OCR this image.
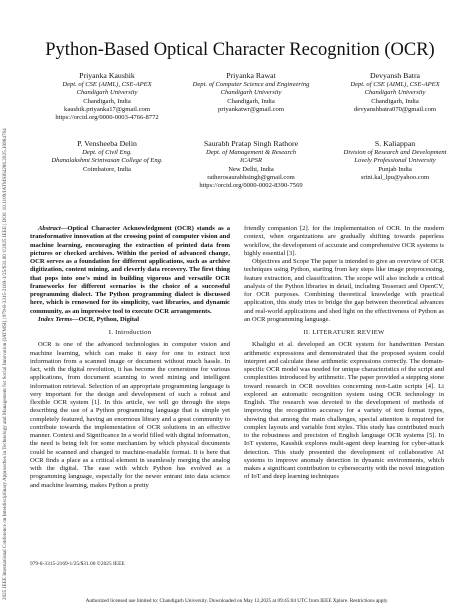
2025 IEEE International Conference on Interdisciplinary Approaches in Technology and Management for Social Innovation (IATMSI) | 979-8-3315-2169-1/25/$31.00 ©2025 IEEE | DOI: 10.1109/IATMSI64286.2025.10984764
Python-Based Optical Character Recognition (OCR)
Priyanka Kaushik
Dept. of CSE (AIML), CSE-APEX
Chandigarh University
Chandigarh, India
kaushik.priyanka17@gmail.com
https://orcid.org/0000-0003-4766-8772
Priyanka Rawat
Dept. of Computer Science and Engineering
Chandigarh University
Chandigarh, India
priyankatwr@gmail.com
Devyansh Batra
Dept. of CSE (AIML), CSE-APEX
Chandigarh University
Chandigarh, India
devyanshbatra070@gmail.com
P. Vensheeba Delin
Dept. of Civil Eng.
Dhanalakshmi Srinivasan College of Eng.
Coimbatore, India
Saurabh Pratap Singh Rathore
Dept. of Management & Research
ICAPSR
New Delhi, India
ratherosaurabhsingh@gmail.com
https://orcid.org/0000-0002-8390-7569
S. Kaliappan
Division of Research and Development
Lovely Professional University
Punjab India
srini.kal_lpu@yahoo.com

Abstract—Optical Character Acknowledgment (OCR) stands as a transformative innovation at the crossing point of computer vision and machine learning, encouraging the extraction of printed data from pictures or checked archives. Within the period of advanced change, OCR serves as a foundation for different applications, such as archive digitization, content mining, and cleverly data recovery. The first thing that pops into one's mind in building vigorous and versatile OCR frameworks for different scenarios is the choice of a successful programming dialect. The Python programming dialect is discussed here, which is renowned for its simplicity, vast libraries, and dynamic community, as an impressive tool to execute OCR arrangements.

Index Terms—OCR, Python, Digital

I. Introduction

OCR is one of the advanced technologies in computer vision and machine learning, which can make it easy for one to extract text information from a scanned image or document without much hassle. In fact, with the digital revolution, it has become the cornerstone for various applications, from document scanning to word mining and intelligent information retrieval. Selection of an appropriate programming language is very important for the design and development of such a robust and flexible OCR system [1]. In this article, we will go through the steps describing the use of a Python programming language that is simple yet completely featured, having an enormous library and a great community to contribute towards the implementation of OCR solutions in an effective manner. Context and Significance In a world filled with digital information, the need is being felt for some mechanism by which physical documents could be scanned and changed to machine-readable format. It is here that OCR finds a place as a critical element in seamlessly merging the analog with the digital. The ease with which Python has evolved as a programming language, especially for the newer entrant into data science and machine learning, makes Python a pretty

friendly companion [2]. for the implementation of OCR. In the modern context, when organizations are gradually shifting towards paperless workflow, the development of accurate and comprehensive OCR systems is highly essential [3].

Objectives and Scope The paper is intended to give an overview of OCR techniques using Python, starting from key steps like image preprocessing, feature extraction, and classification. The scope will also include a critical analysis of the Python libraries in detail, including Tesseract and OpenCV, for OCR purposes. Combining theoretical knowledge with practical application, this study tries to bridge the gap between theoretical advances and real-world applications and shed light on the effectiveness of Python as an OCR programming language.

II. LITERATURE REVIEW

Khalighi et al. developed an OCR system for handwritten Persian arithmetic expressions and demonstrated that the proposed system could interpret and calculate these arithmetic expressions correctly. The domain-specific OCR model was needed for unique characteristics of the script and complexities introduced by arithmetic. The paper provided a stepping stone toward research in OCR novelties concerning non-Latin scripts [4]. Li explored an automatic recognition system using OCR technology in English. The research was devoted to the development of methods of improving the recognition accuracy for a variety of text format types, showing that among the main challenges, special attention is required for complex layouts and variable font styles. This study has contributed much to the robustness and precision of English language OCR systems [5]. In IoT systems, Kaushik explores multi-agent deep learning for cyber-attack detection. This study presented the development of collaborative AI systems to improve anomaly detection in dynamic environments, which makes a significant contribution to cybersecurity with the novel integration of IoT and deep learning techniques

979-8-3315-2169-1/25/$31.00 ©2025 IEEE
Authorized licensed use limited to: Chandigarh University. Downloaded on May 12,2025 at 09:45:04 UTC from IEEE Xplore. Restrictions apply.
